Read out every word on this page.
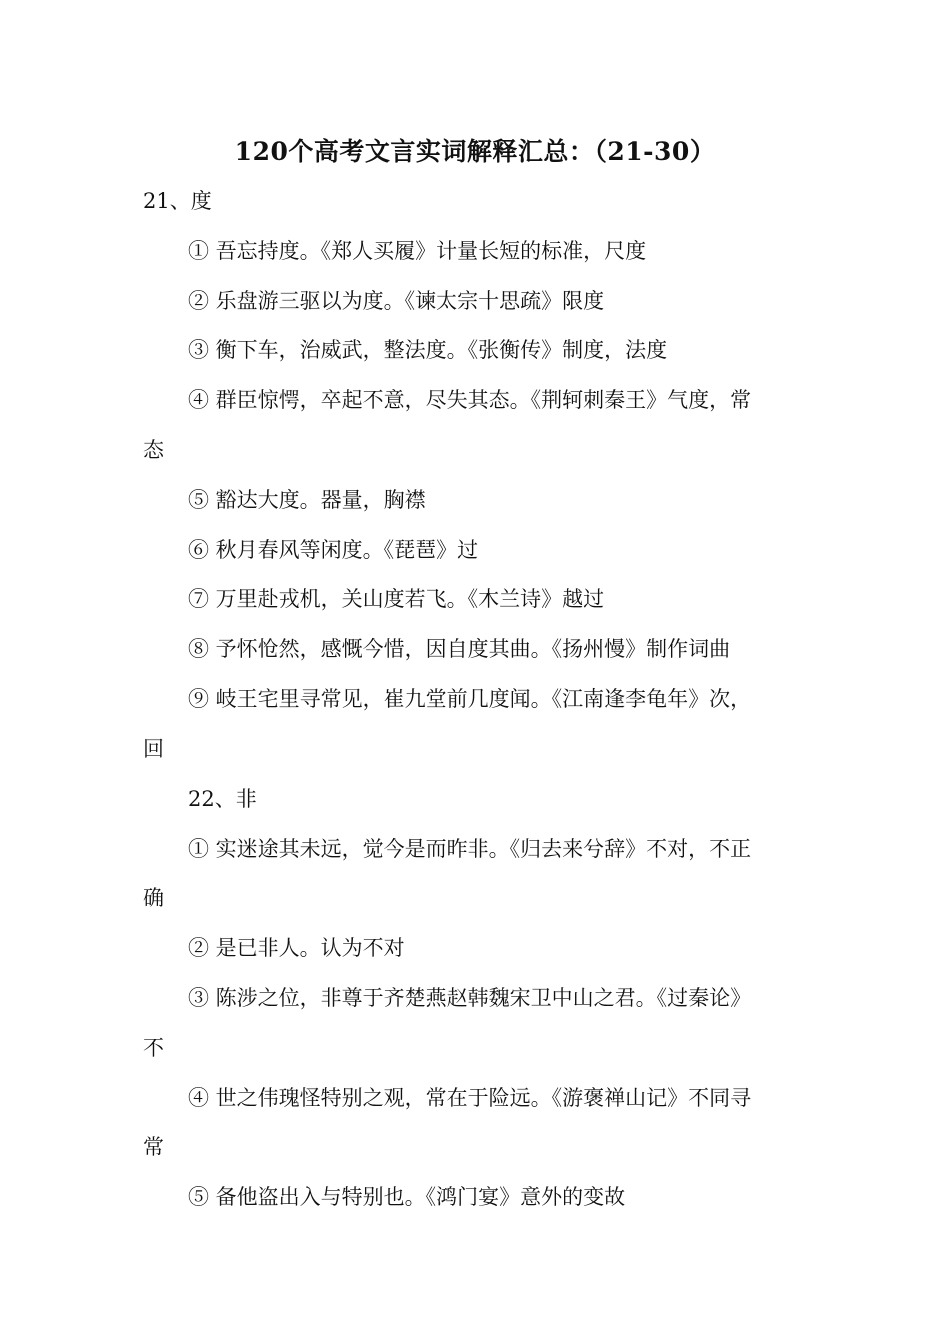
120个高考文言实词解释汇总：（21-30）
21、度
① 吾忘持度。《郑人买履》计量长短的标准，尺度
② 乐盘游三驱以为度。《谏太宗十思疏》限度
③ 衡下车，治威武，整法度。《张衡传》制度，法度
④ 群臣惊愕，卒起不意，尽失其态。《荆轲刺秦王》气度，常
态
⑤ 豁达大度。器量，胸襟
⑥ 秋月春风等闲度。《琵琶》过
⑦ 万里赴戎机，关山度若飞。《木兰诗》越过
⑧ 予怀怆然，感慨今惜，因自度其曲。《扬州慢》制作词曲
⑨ 岐王宅里寻常见，崔九堂前几度闻。《江南逢李龟年》次，
回
22、非
① 实迷途其未远，觉今是而昨非。《归去来兮辞》不对，不正
确
② 是已非人。认为不对
③ 陈涉之位，非尊于齐楚燕赵韩魏宋卫中山之君。《过秦论》
不
④ 世之伟瑰怪特别之观，常在于险远。《游褒禅山记》不同寻
常
⑤ 备他盗出入与特别也。《鸿门宴》意外的变故
